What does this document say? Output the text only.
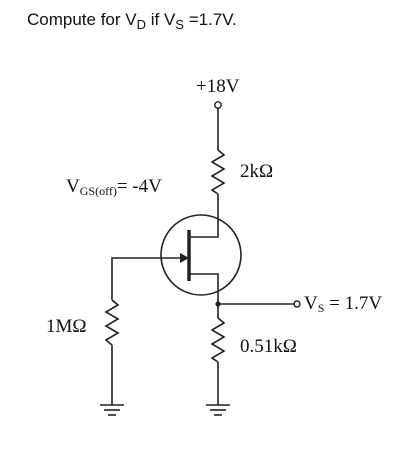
Compute for $V_D$ if $V_S =1.7V$.
+18V
2kΩ
VGS(off)= -4V
1MΩ
VS = 1.7V
0.51kΩ
